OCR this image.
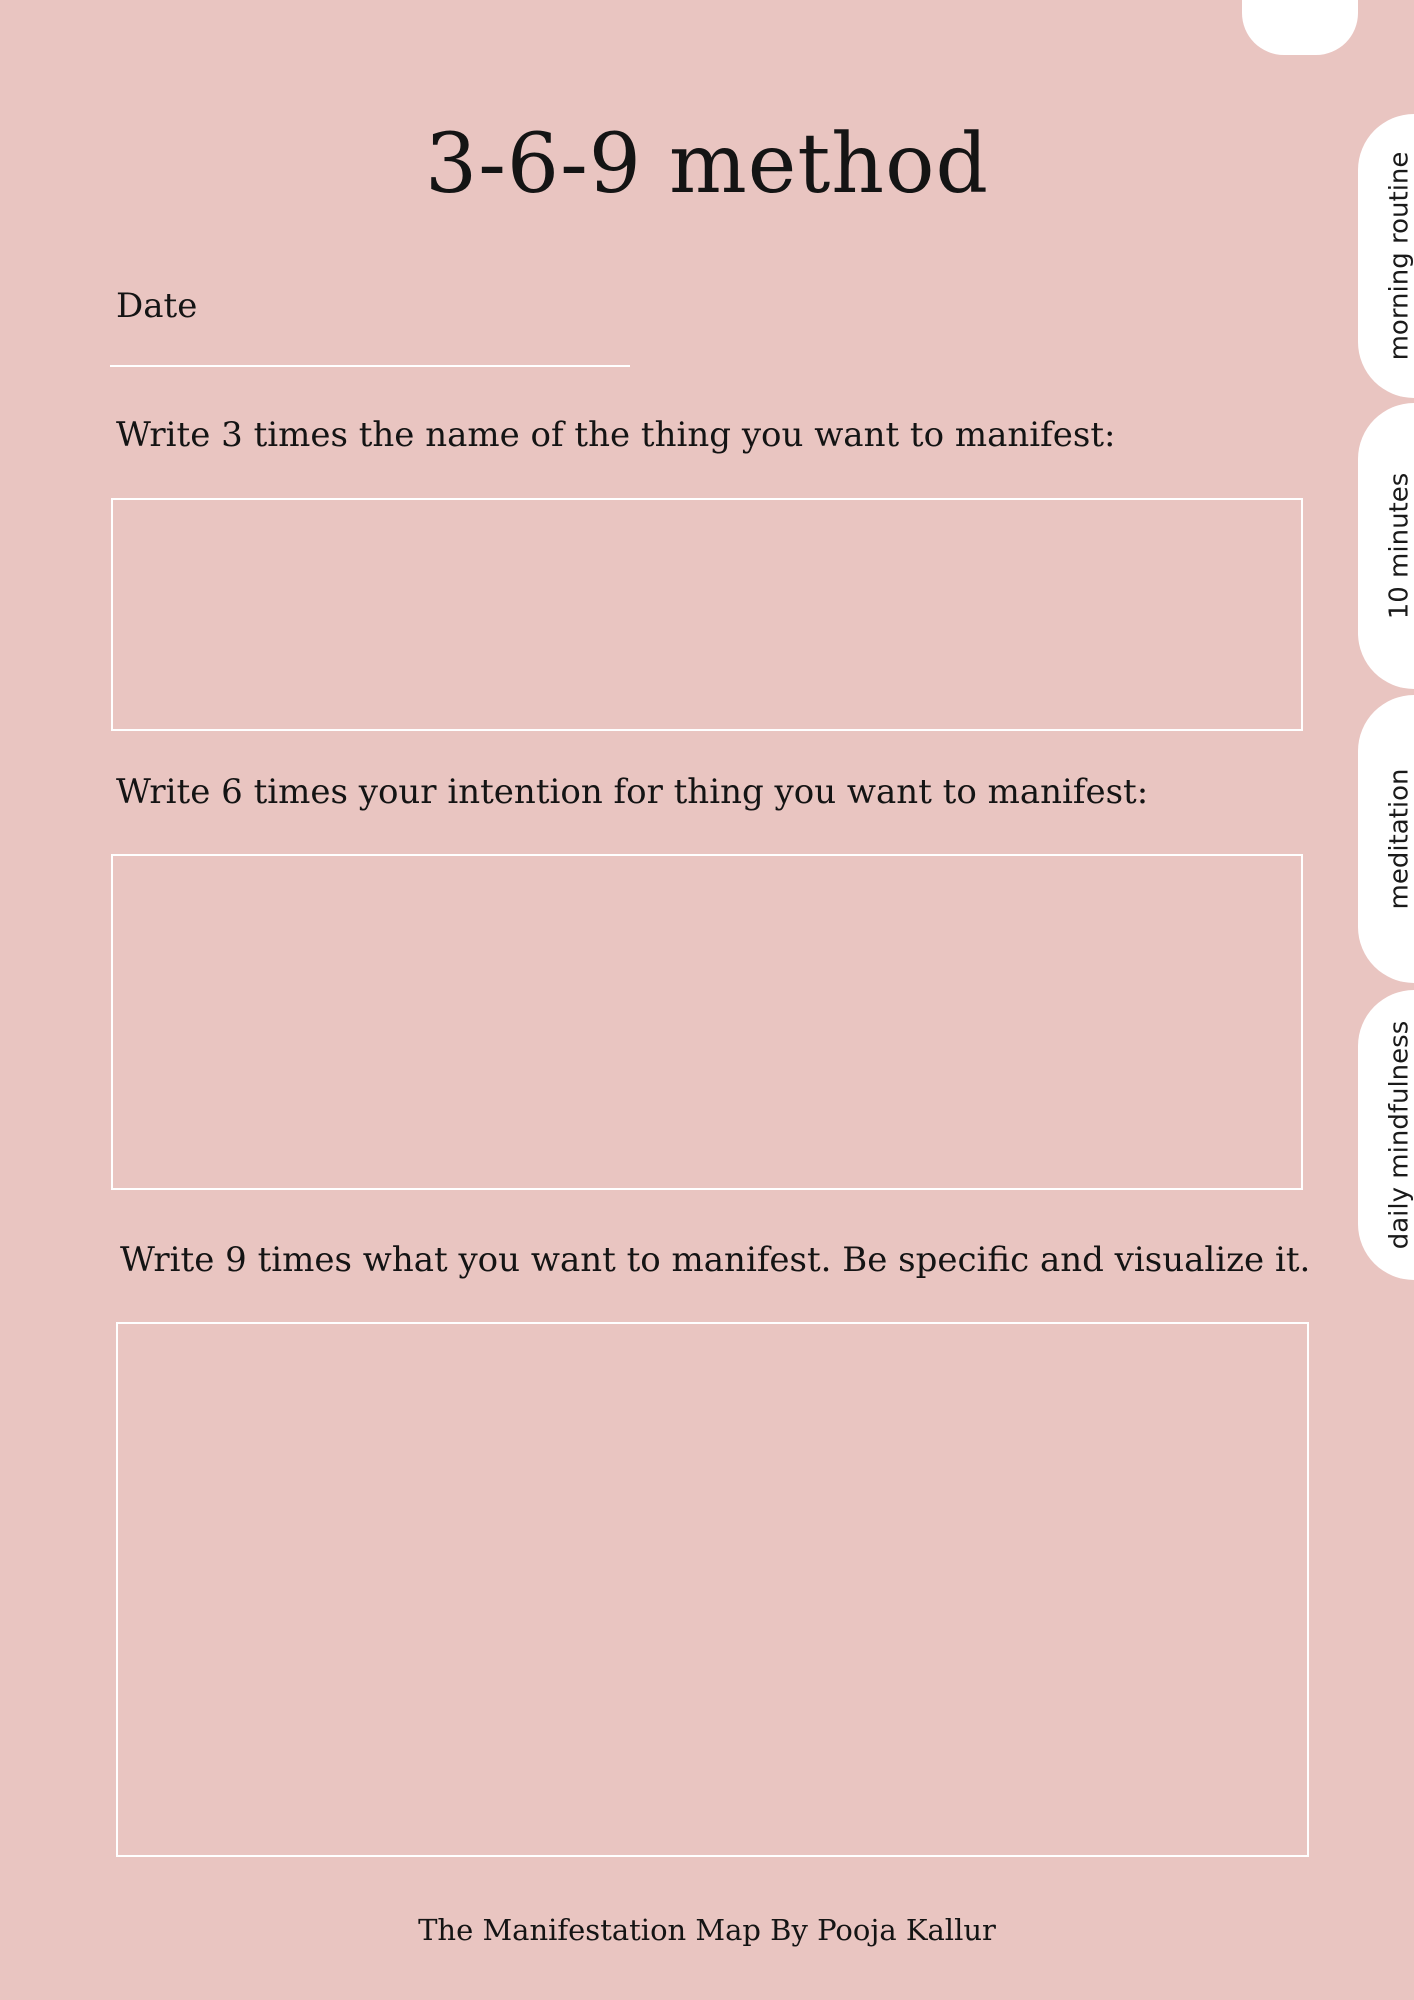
3-6-9 method
Date
Write 3 times the name of the thing you want to manifest:
Write 6 times your intention for thing you want to manifest:
Write 9 times what you want to manifest. Be specific and visualize it.
The Manifestation Map By Pooja Kallur
morning routine
10 minutes
meditation
daily mindfulness
